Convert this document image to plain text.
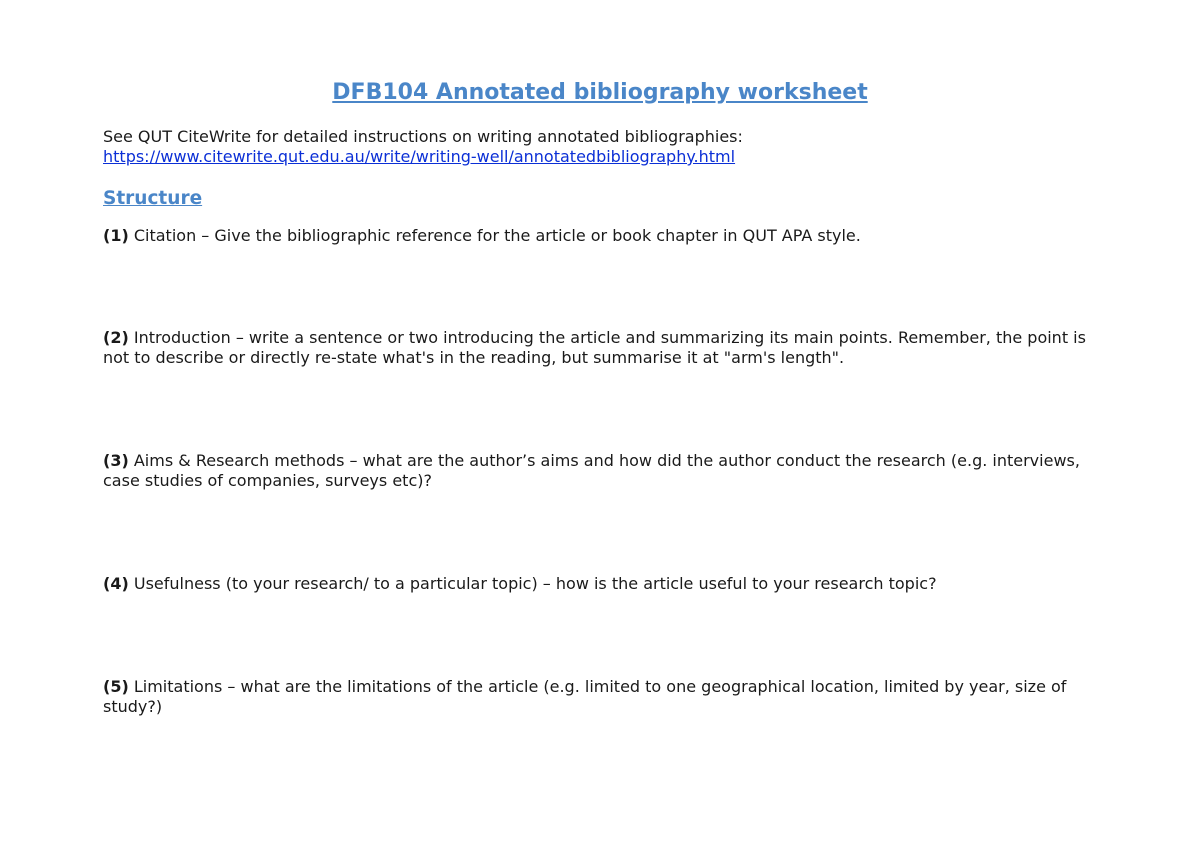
DFB104 Annotated bibliography worksheet

See QUT CiteWrite for detailed instructions on writing annotated bibliographies:
https://www.citewrite.qut.edu.au/write/writing-well/annotatedbibliography.html

Structure

(1) Citation – Give the bibliographic reference for the article or book chapter in QUT APA style.

(2) Introduction – write a sentence or two introducing the article and summarizing its main points. Remember, the point is not to describe or directly re-state what's in the reading, but summarise it at "arm's length".

(3) Aims & Research methods – what are the author’s aims and how did the author conduct the research (e.g. interviews, case studies of companies, surveys etc)?

(4) Usefulness (to your research/ to a particular topic) – how is the article useful to your research topic?

(5) Limitations – what are the limitations of the article (e.g. limited to one geographical location, limited by year, size of study?)
